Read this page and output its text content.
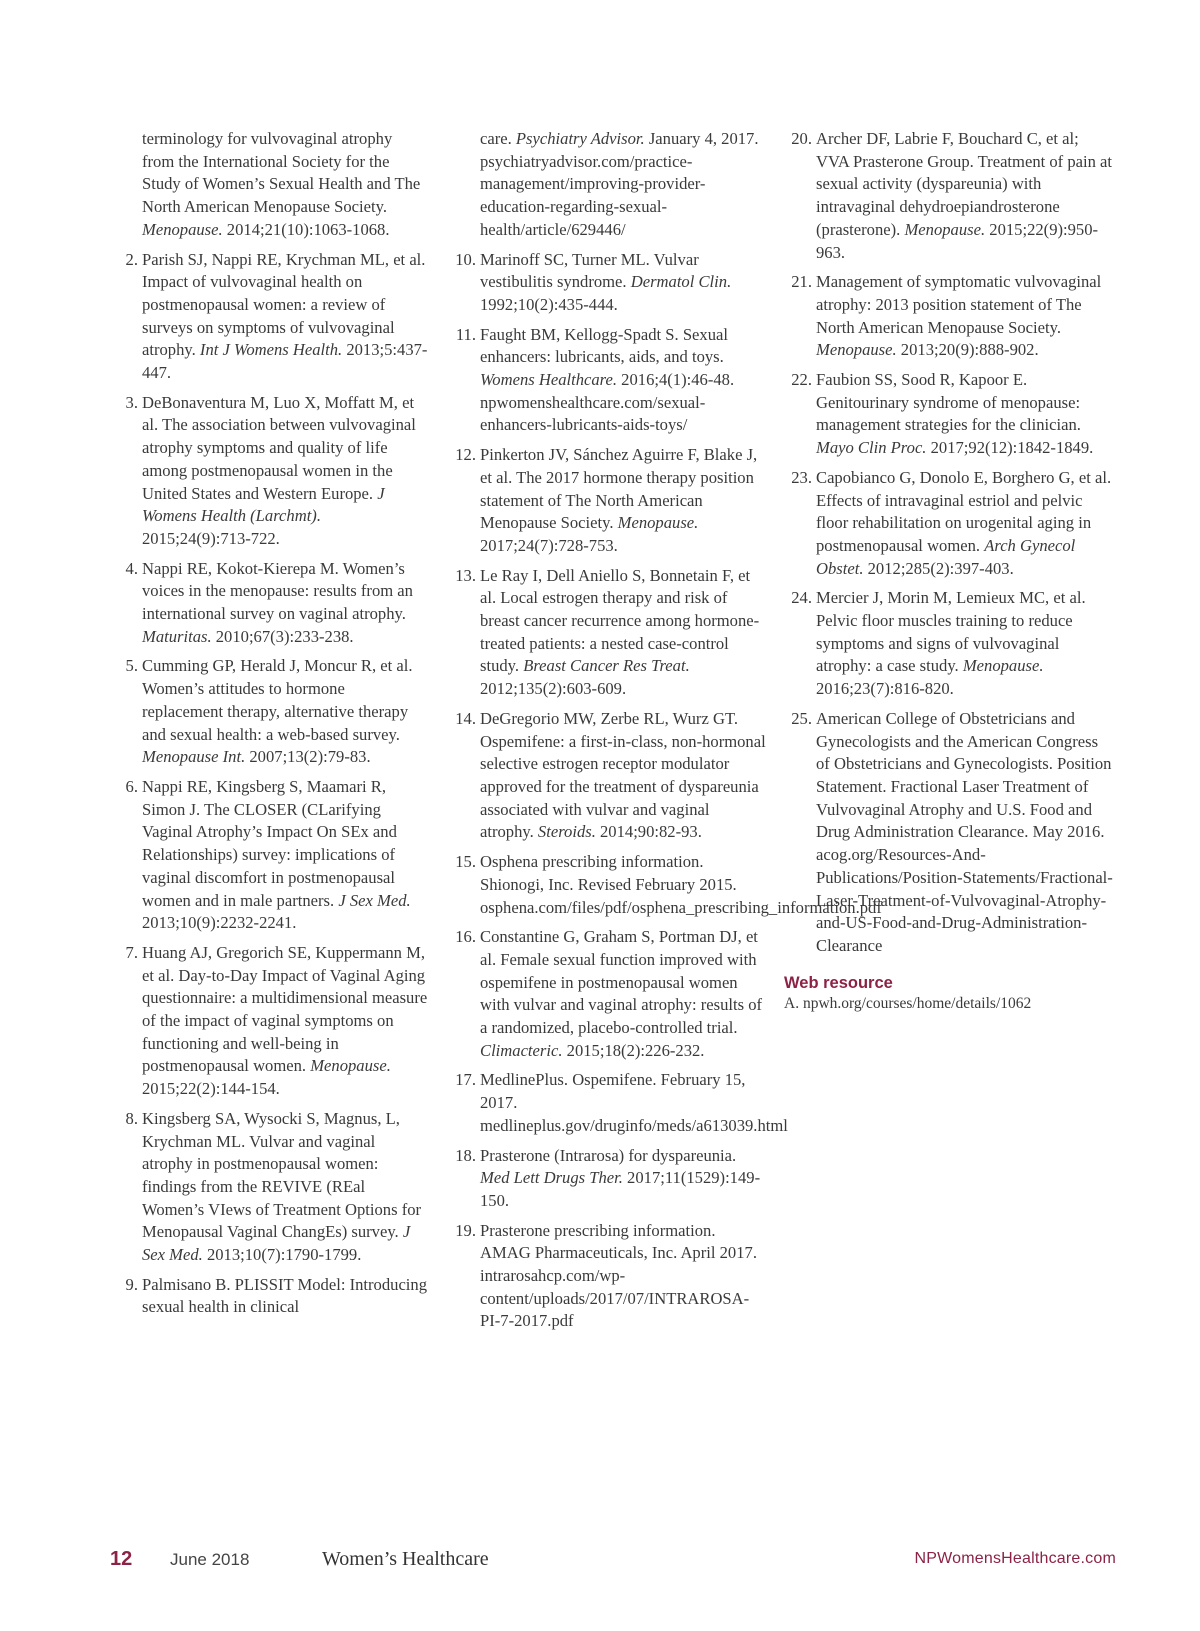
terminology for vulvovaginal atrophy from the International Society for the Study of Women’s Sexual Health and The North American Menopause Society. Menopause. 2014;21(10):1063-1068.
2. Parish SJ, Nappi RE, Krychman ML, et al. Impact of vulvovaginal health on postmenopausal women: a review of surveys on symptoms of vulvovaginal atrophy. Int J Womens Health. 2013;5:437-447.
3. DeBonaventura M, Luo X, Moffatt M, et al. The association between vulvovaginal atrophy symptoms and quality of life among postmenopausal women in the United States and Western Europe. J Womens Health (Larchmt). 2015;24(9):713-722.
4. Nappi RE, Kokot-Kierepa M. Women’s voices in the menopause: results from an international survey on vaginal atrophy. Maturitas. 2010;67(3):233-238.
5. Cumming GP, Herald J, Moncur R, et al. Women’s attitudes to hormone replacement therapy, alternative therapy and sexual health: a web-based survey. Menopause Int. 2007;13(2):79-83.
6. Nappi RE, Kingsberg S, Maamari R, Simon J. The CLOSER (CLarifying Vaginal Atrophy’s Impact On SEx and Relationships) survey: implications of vaginal discomfort in postmenopausal women and in male partners. J Sex Med. 2013;10(9):2232-2241.
7. Huang AJ, Gregorich SE, Kuppermann M, et al. Day-to-Day Impact of Vaginal Aging questionnaire: a multidimensional measure of the impact of vaginal symptoms on functioning and well-being in postmenopausal women. Menopause. 2015;22(2):144-154.
8. Kingsberg SA, Wysocki S, Magnus, L, Krychman ML. Vulvar and vaginal atrophy in postmenopausal women: findings from the REVIVE (REal Women’s VIews of Treatment Options for Menopausal Vaginal ChangEs) survey. J Sex Med. 2013;10(7):1790-1799.
9. Palmisano B. PLISSIT Model: Introducing sexual health in clinical
care. Psychiatry Advisor. January 4, 2017. psychiatryadvisor.com/practice-management/improving-provider-education-regarding-sexual-health/article/629446/
10. Marinoff SC, Turner ML. Vulvar vestibulitis syndrome. Dermatol Clin. 1992;10(2):435-444.
11. Faught BM, Kellogg-Spadt S. Sexual enhancers: lubricants, aids, and toys. Womens Healthcare. 2016;4(1):46-48. npwomenshealthcare.com/sexual-enhancers-lubricants-aids-toys/
12. Pinkerton JV, Sánchez Aguirre F, Blake J, et al. The 2017 hormone therapy position statement of The North American Menopause Society. Menopause. 2017;24(7):728-753.
13. Le Ray I, Dell Aniello S, Bonnetain F, et al. Local estrogen therapy and risk of breast cancer recurrence among hormone-treated patients: a nested case-control study. Breast Cancer Res Treat. 2012;135(2):603-609.
14. DeGregorio MW, Zerbe RL, Wurz GT. Ospemifene: a first-in-class, non-hormonal selective estrogen receptor modulator approved for the treatment of dyspareunia associated with vulvar and vaginal atrophy. Steroids. 2014;90:82-93.
15. Osphena prescribing information. Shionogi, Inc. Revised February 2015. osphena.com/files/pdf/osphena_prescribing_information.pdf
16. Constantine G, Graham S, Portman DJ, et al. Female sexual function improved with ospemifene in postmenopausal women with vulvar and vaginal atrophy: results of a randomized, placebo-controlled trial. Climacteric. 2015;18(2):226-232.
17. MedlinePlus. Ospemifene. February 15, 2017. medlineplus.gov/druginfo/meds/a613039.html
18. Prasterone (Intrarosa) for dyspareunia. Med Lett Drugs Ther. 2017;11(1529):149-150.
19. Prasterone prescribing information. AMAG Pharmaceuticals, Inc. April 2017. intrarosahcp.com/wp-content/uploads/2017/07/INTRAROSA-PI-7-2017.pdf
20. Archer DF, Labrie F, Bouchard C, et al; VVA Prasterone Group. Treatment of pain at sexual activity (dyspareunia) with intravaginal dehydroepiandrosterone (prasterone). Menopause. 2015;22(9):950-963.
21. Management of symptomatic vulvovaginal atrophy: 2013 position statement of The North American Menopause Society. Menopause. 2013;20(9):888-902.
22. Faubion SS, Sood R, Kapoor E. Genitourinary syndrome of menopause: management strategies for the clinician. Mayo Clin Proc. 2017;92(12):1842-1849.
23. Capobianco G, Donolo E, Borghero G, et al. Effects of intravaginal estriol and pelvic floor rehabilitation on urogenital aging in postmenopausal women. Arch Gynecol Obstet. 2012;285(2):397-403.
24. Mercier J, Morin M, Lemieux MC, et al. Pelvic floor muscles training to reduce symptoms and signs of vulvovaginal atrophy: a case study. Menopause. 2016;23(7):816-820.
25. American College of Obstetricians and Gynecologists and the American Congress of Obstetricians and Gynecologists. Position Statement. Fractional Laser Treatment of Vulvovaginal Atrophy and U.S. Food and Drug Administration Clearance. May 2016. acog.org/Resources-And-Publications/Position-Statements/Fractional-Laser-Treatment-of-Vulvovaginal-Atrophy-and-US-Food-and-Drug-Administration-Clearance
Web resource
A. npwh.org/courses/home/details/1062
12 June 2018	Women’s Healthcare	NPWomensHealthcare.com
